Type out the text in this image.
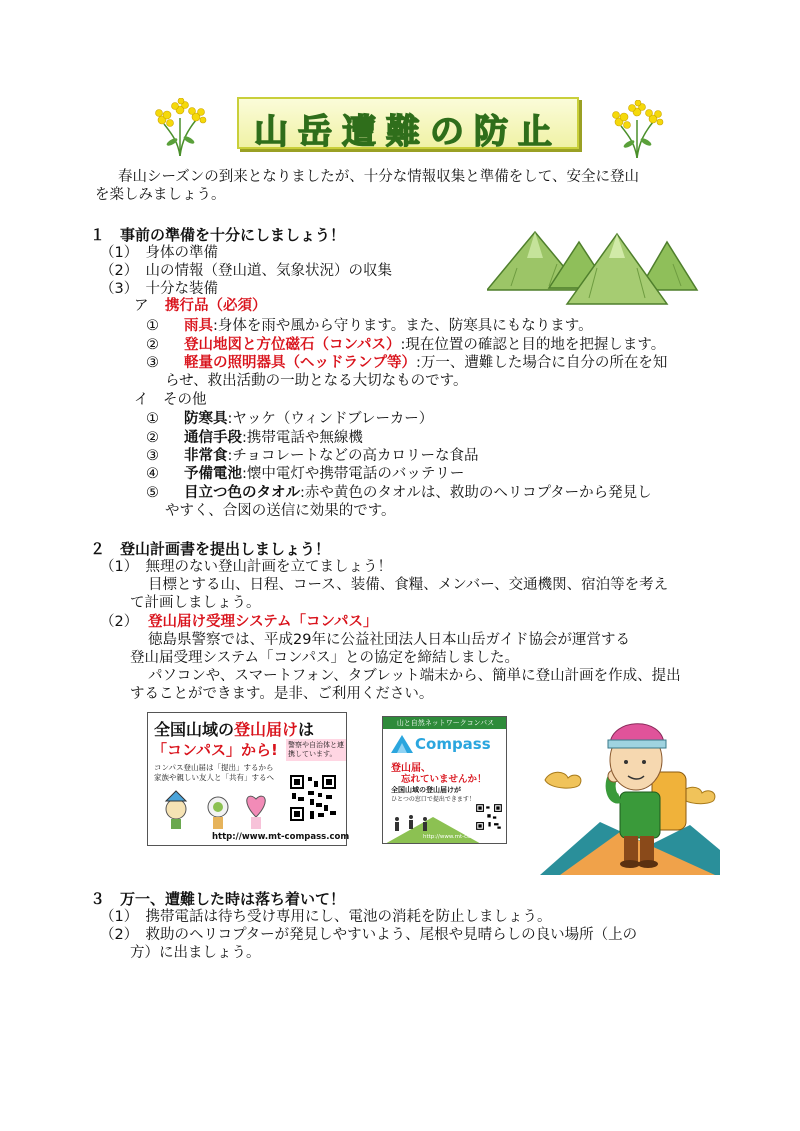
山岳遭難の防止
春山シーズンの到来となりましたが、十分な情報収集と準備をして、安全に登山
を楽しみましょう。
１　事前の準備を十分にしましょう！
（1）　身体の準備
（2）　山の情報（登山道、気象状況）の収集
（3）　十分な装備
ア 携行品（必須）
① 雨具:身体を雨や風から守ります。また、防寒具にもなります。
② 登山地図と方位磁石（コンパス）:現在位置の確認と目的地を把握します。
③ 軽量の照明器具（ヘッドランプ等）:万一、遭難した場合に自分の所在を知
らせ、救出活動の一助となる大切なものです。
イ　その他
① 防寒具:ヤッケ（ウィンドブレーカー）
② 通信手段:携帯電話や無線機
③ 非常食:チョコレートなどの高カロリーな食品
④ 予備電池:懐中電灯や携帯電話のバッテリー
⑤ 目立つ色のタオル:赤や黄色のタオルは、救助のヘリコプターから発見し
やすく、合図の送信に効果的です。
２　登山計画書を提出しましょう！
（1）　無理のない登山計画を立てましょう！
目標とする山、日程、コース、装備、食糧、メンバー、交通機関、宿泊等を考え
て計画しましょう。
（2） 登山届け受理システム「コンパス」
徳島県警察では、平成29年に公益社団法人日本山岳ガイド協会が運営する
登山届受理システム「コンパス」との協定を締結しました。
パソコンや、スマートフォン、タブレット端末から、簡単に登山計画を作成、提出
することができます。是非、ご利用ください。
全国山域の登山届けは
「コンパス」から! 警察や自治体と連携しています。
コンパス登山届は「提出」するから
家族や親しい友人と「共有」するへ
http://www.mt-compass.com
山と自然ネットワークコンパス
Compass
登山届、
忘れていませんか！
全国山域の登山届けが
ひとつの窓口で提出できます！
http://www.mt-compass.com
３　万一、遭難した時は落ち着いて！
（1）　携帯電話は待ち受け専用にし、電池の消耗を防止しましょう。
（2）　救助のヘリコプターが発見しやすいよう、尾根や見晴らしの良い場所（上の
方）に出ましょう。
